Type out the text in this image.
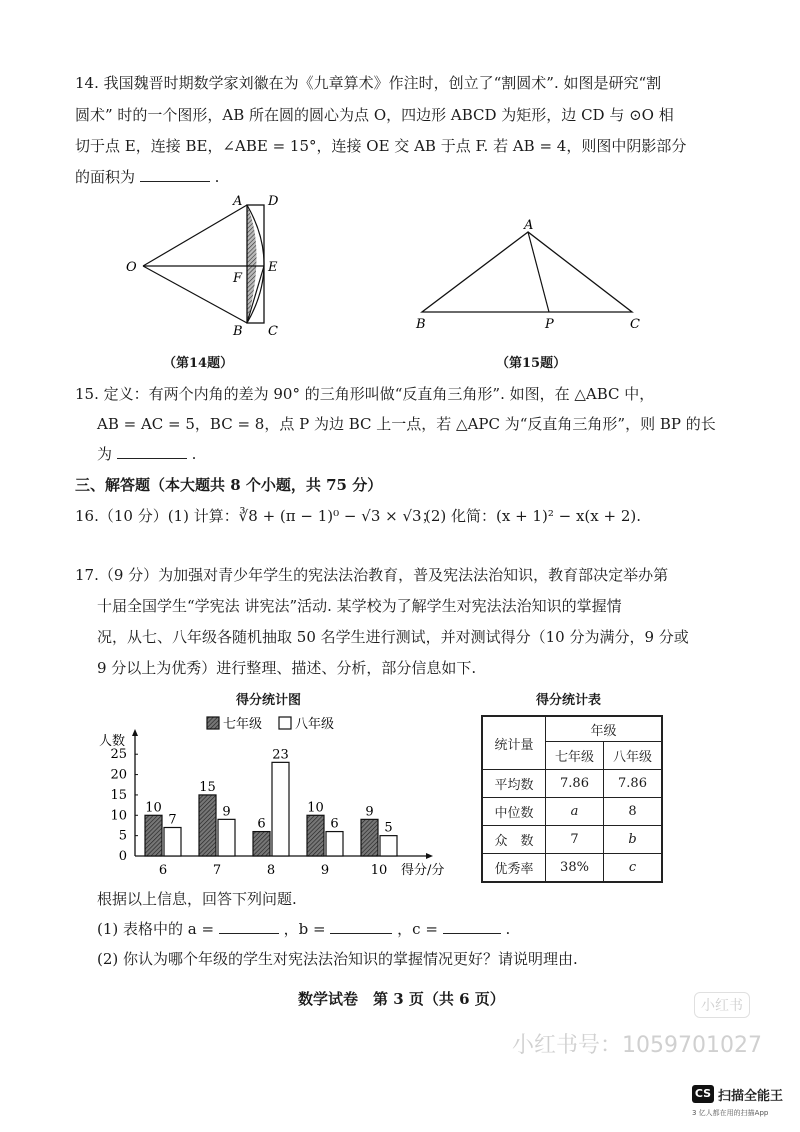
14. 我国魏晋时期数学家刘徽在为《九章算术》作注时，创立了“割圆术”. 如图是研究“割
圆术” 时的一个图形，AB 所在圆的圆心为点 O，四边形 ABCD 为矩形，边 CD 与 ⊙O 相
切于点 E，连接 BE，∠ABE = 15°，连接 OE 交 AB 于点 F. 若 AB = 4，则图中阴影部分
的面积为	.
A D
O
F
E
B C
（第14题）
A
B	P	C
（第15题）
15. 定义：有两个内角的差为 90° 的三角形叫做“反直角三角形”. 如图，在 △ABC 中，
AB = AC = 5，BC = 8，点 P 为边 BC 上一点，若 △APC 为“反直角三角形”，则 BP 的长
为	.
三、解答题（本大题共 8 个小题，共 75 分）
16.（10 分）(1) 计算：∛8 + (π − 1)⁰ − √3 × √3；
(2) 化简：(x + 1)² − x(x + 2).
17.（9 分）为加强对青少年学生的宪法法治教育，普及宪法法治知识，教育部决定举办第
十届全国学生“学宪法 讲宪法”活动. 某学校为了解学生对宪法法治知识的掌握情
况，从七、八年级各随机抽取 50 名学生进行测试，并对测试得分（10 分为满分，9 分或
9 分以上为优秀）进行整理、描述、分析，部分信息如下.
得分统计图
七年级	八年级
人数
得分/分
0
5
10
15
20
25
6	7	8	9	10
10
7
15
9
6
23
10
6
9
5
得分统计表
统计量	年级	
	七年级	八年级
平均数	7.86	7.86
中位数	a	8
众　数	7	b
优秀率	38%	c
根据以上信息，回答下列问题.
(1) 表格中的 a =	，b =	，c =	.
(2) 你认为哪个年级的学生对宪法法治知识的掌握情况更好？请说明理由.
数学试卷　第 3 页（共 6 页）	小红书
小红书号：1059701027
CS 扫描全能王
3 亿人都在用的扫描App
